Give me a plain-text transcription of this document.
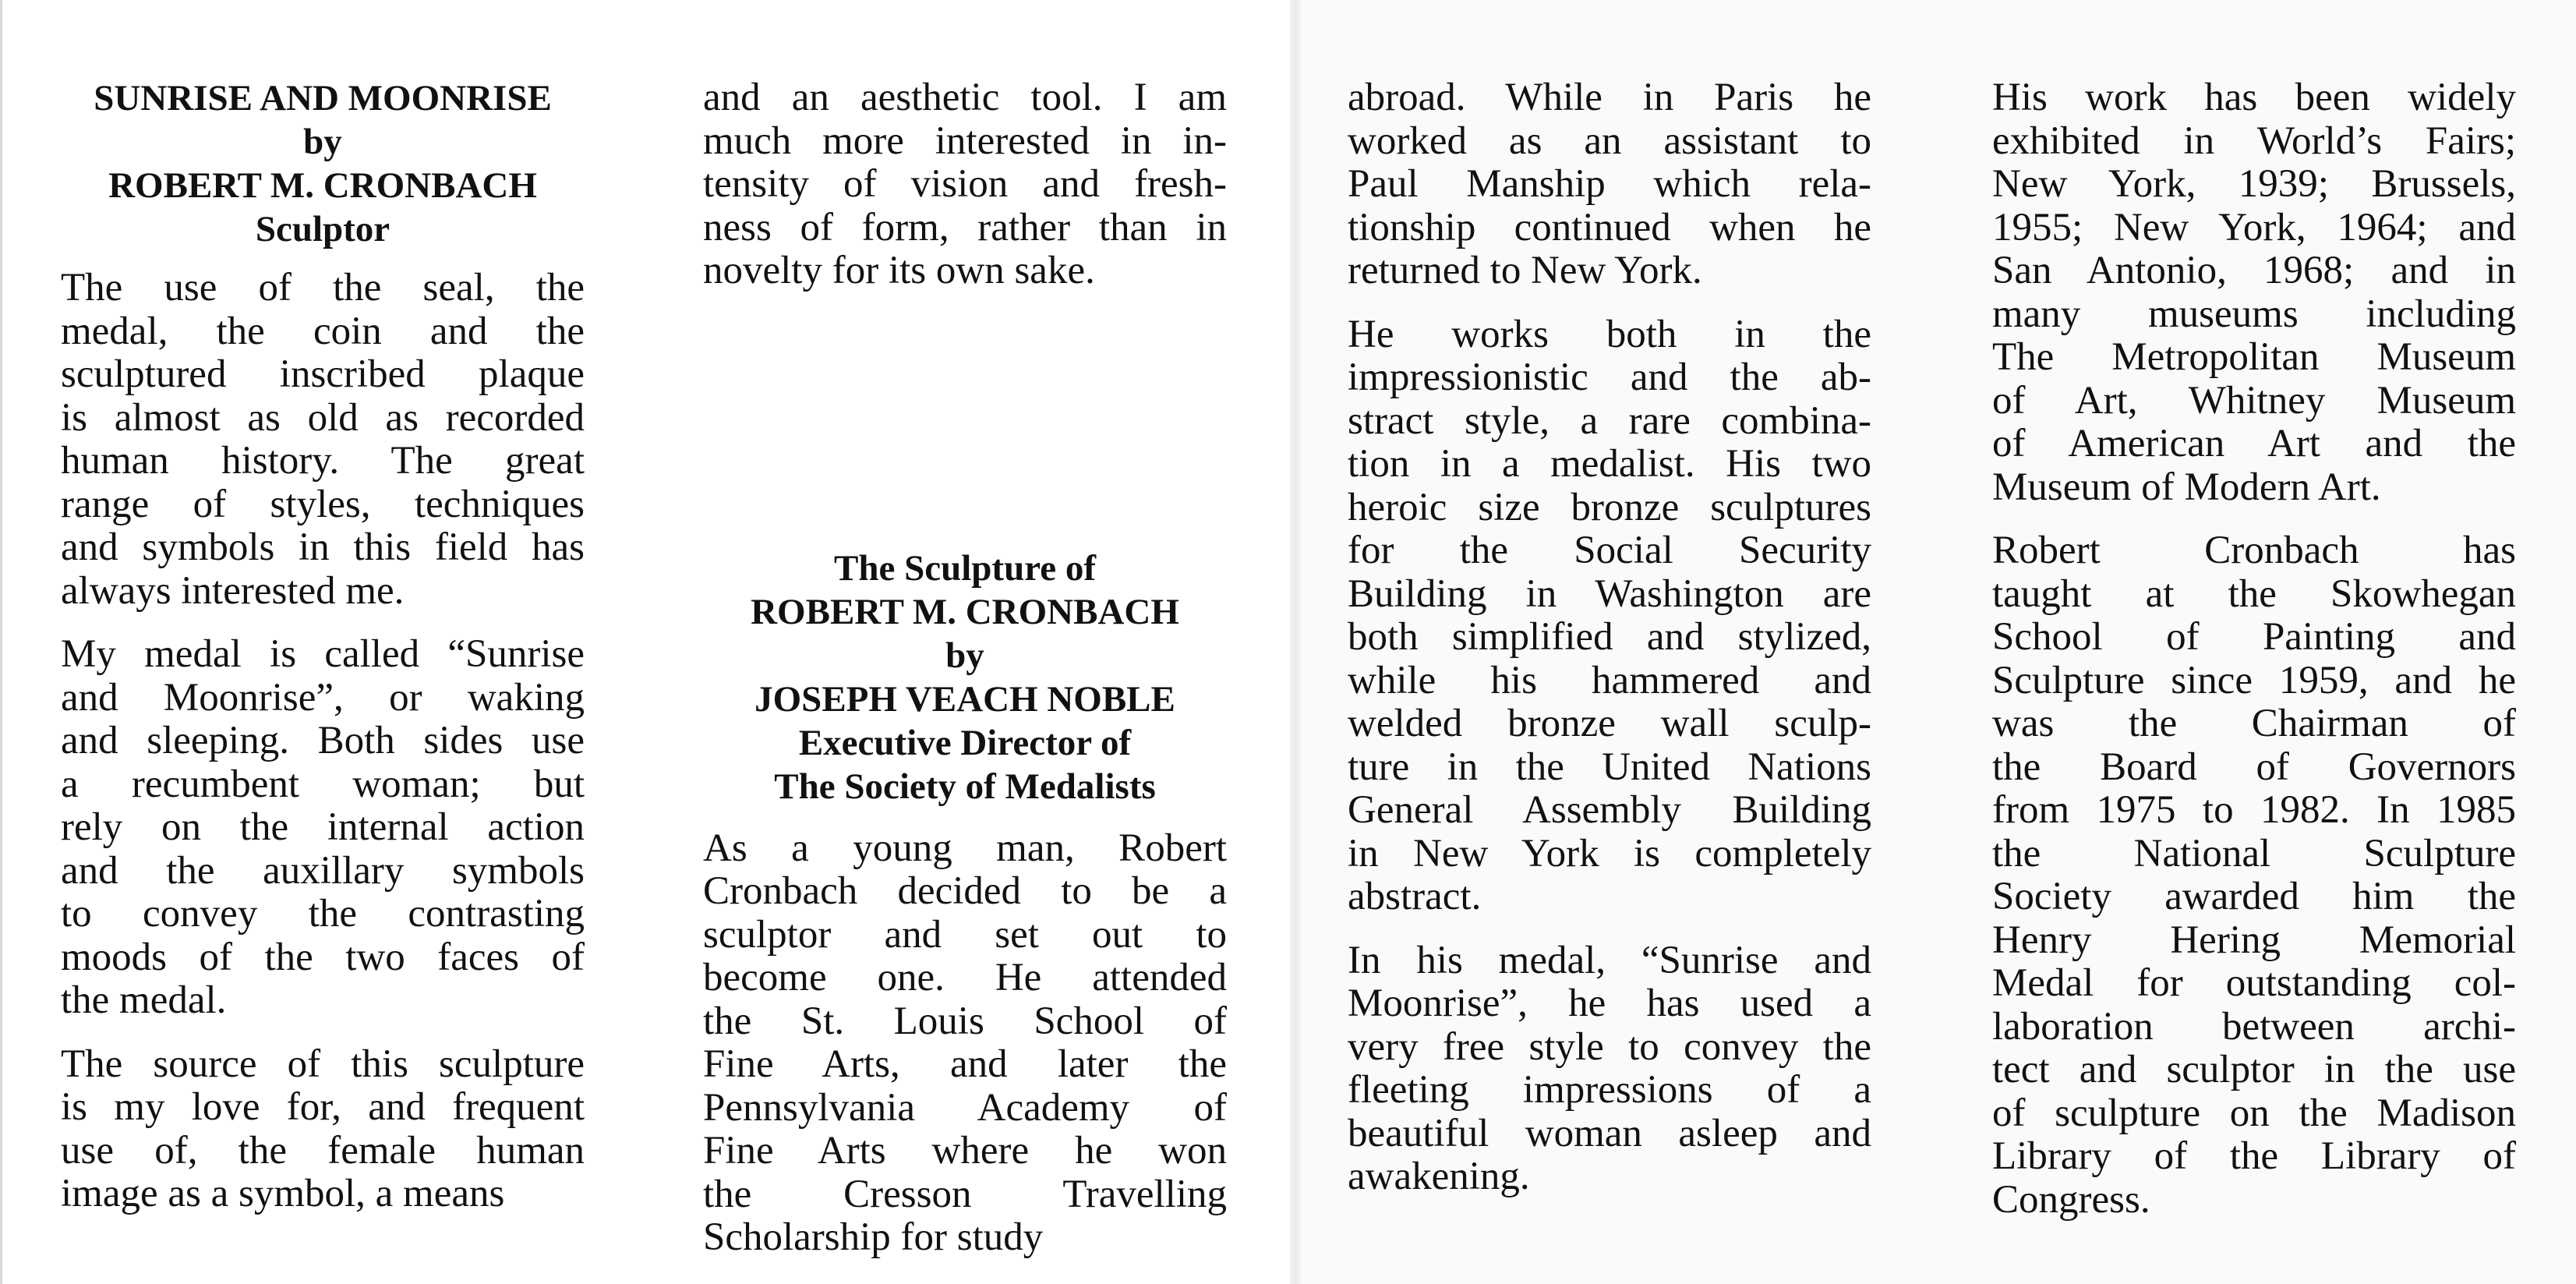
SUNRISE AND MOONRISE
by
ROBERT M. CRONBACH
Sculptor
The use of the seal, the
medal, the coin and the
sculptured inscribed plaque
is almost as old as recorded
human history. The great
range of styles, techniques
and symbols in this field has
always interested me.
My medal is called “Sunrise
and Moonrise”, or waking
and sleeping. Both sides use
a recumbent woman; but
rely on the internal action
and the auxillary symbols
to convey the contrasting
moods of the two faces of
the medal.
The source of this sculpture
is my love for, and frequent
use of, the female human
image as a symbol, a means
and an aesthetic tool. I am
much more interested in in-
tensity of vision and fresh-
ness of form, rather than in
novelty for its own sake.
The Sculpture of
ROBERT M. CRONBACH
by
JOSEPH VEACH NOBLE
Executive Director of
The Society of Medalists
As a young man, Robert
Cronbach decided to be a
sculptor and set out to
become one. He attended
the St. Louis School of
Fine Arts, and later the
Pennsylvania Academy of
Fine Arts where he won
the Cresson Travelling
Scholarship for study
abroad. While in Paris he
worked as an assistant to
Paul Manship which rela-
tionship continued when he
returned to New York.
He works both in the
impressionistic and the ab-
stract style, a rare combina-
tion in a medalist. His two
heroic size bronze sculptures
for the Social Security
Building in Washington are
both simplified and stylized,
while his hammered and
welded bronze wall sculp-
ture in the United Nations
General Assembly Building
in New York is completely
abstract.
In his medal, “Sunrise and
Moonrise”, he has used a
very free style to convey the
fleeting impressions of a
beautiful woman asleep and
awakening.
His work has been widely
exhibited in World’s Fairs;
New York, 1939; Brussels,
1955; New York, 1964; and
San Antonio, 1968; and in
many museums including
The Metropolitan Museum
of Art, Whitney Museum
of American Art and the
Museum of Modern Art.
Robert Cronbach has
taught at the Skowhegan
School of Painting and
Sculpture since 1959, and he
was the Chairman of
the Board of Governors
from 1975 to 1982. In 1985
the National Sculpture
Society awarded him the
Henry Hering Memorial
Medal for outstanding col-
laboration between archi-
tect and sculptor in the use
of sculpture on the Madison
Library of the Library of
Congress.
